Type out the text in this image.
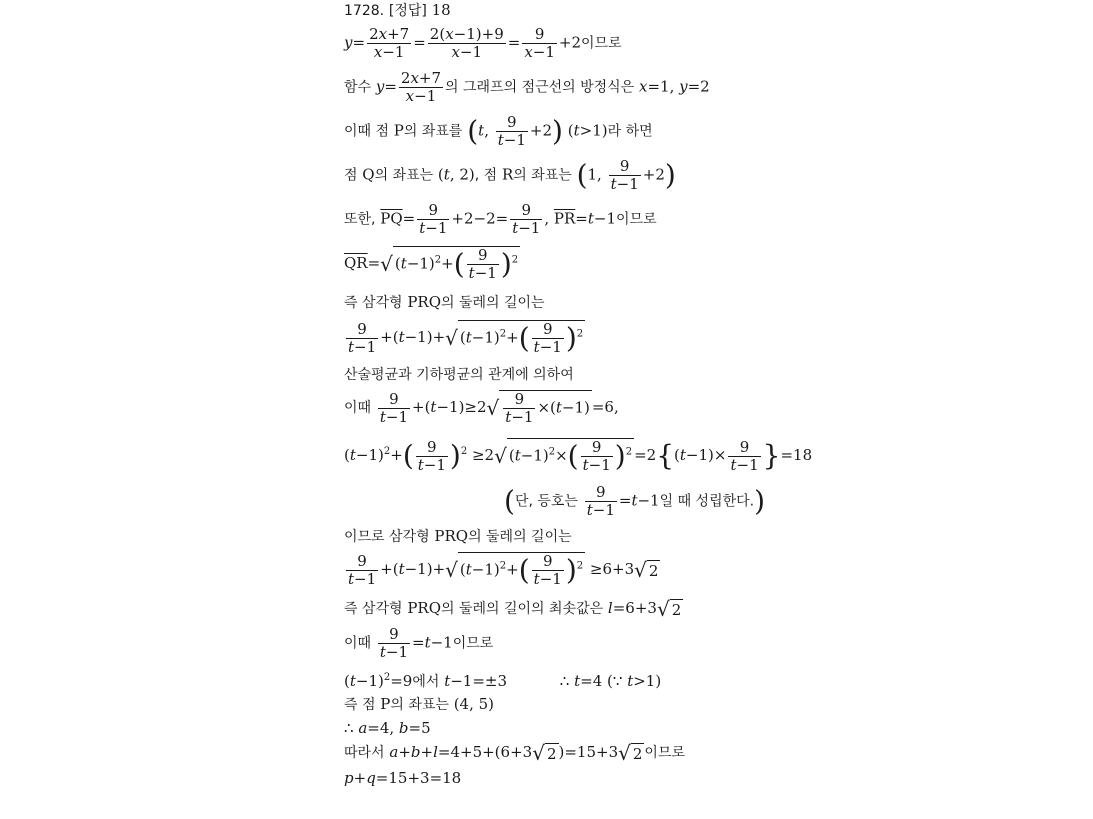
1728. [정답] 18
$y= \frac{2x+7}{x-1} = \frac{2(x-1)+9}{x-1} = \frac{9}{x-1} +2$이므로
함수 $y= \frac{2x+7}{x-1}$ 의 그래프의 점근선의 방정식은 x=1, y=2
이때 점 P의 좌표를 (t, $\frac{9}{t-1} +2$) (t>1)라 하면
점 Q의 좌표는 (t, 2), 점 R의 좌표는 (1, $\frac{9}{t-1} +2$)
또한, $\overline{PQ}= \frac{9}{t-1} +2-2= \frac{9}{t-1}$ , $\overline{PR}=t-1$이므로
$\overline{QR}=√$ $(t-1)^2+( \frac{9}{t-1} )^2$
즉 삼각형 PRQ의 둘레의 길이는
$\frac{9}{t-1} +(t-1)+√$ $(t-1)^2+( \frac{9}{t-1} )^2$
산술평균과 기하평균의 관계에 의하여
이때 $\frac{9}{t-1} +(t-1)\ge 2√ \frac{9}{t-1} \times(t-1) =6$,
$(t-1)^2+( \frac{9}{t-1} )^2 \ge 2√$ $(t-1)^2\times( \frac{9}{t-1} )^2 =2\{(t-1)\times \frac{9}{t-1} \}=18$
(단, 등호는 $\frac{9}{t-1} =t-1$일 때 성립한다.)
이므로 삼각형 PRQ의 둘레의 길이는
$\frac{9}{t-1} +(t-1)+√$ $(t-1)^2+( \frac{9}{t-1} )^2 \ge 6+3√$ 2
즉 삼각형 PRQ의 둘레의 길이의 최솟값은 l=6+3√ 2
이때 $\frac{9}{t-1} =t-1$이므로
$(t-1)^2=9$에서 t−1=±3	∴ t=4 (∵ t>1)
즉 점 P의 좌표는 (4, 5)
∴ a=4, b=5
따라서 a+b+l=4+5+(6+3√ 2 )=15+3√ 2 이므로
p+q=15+3=18
